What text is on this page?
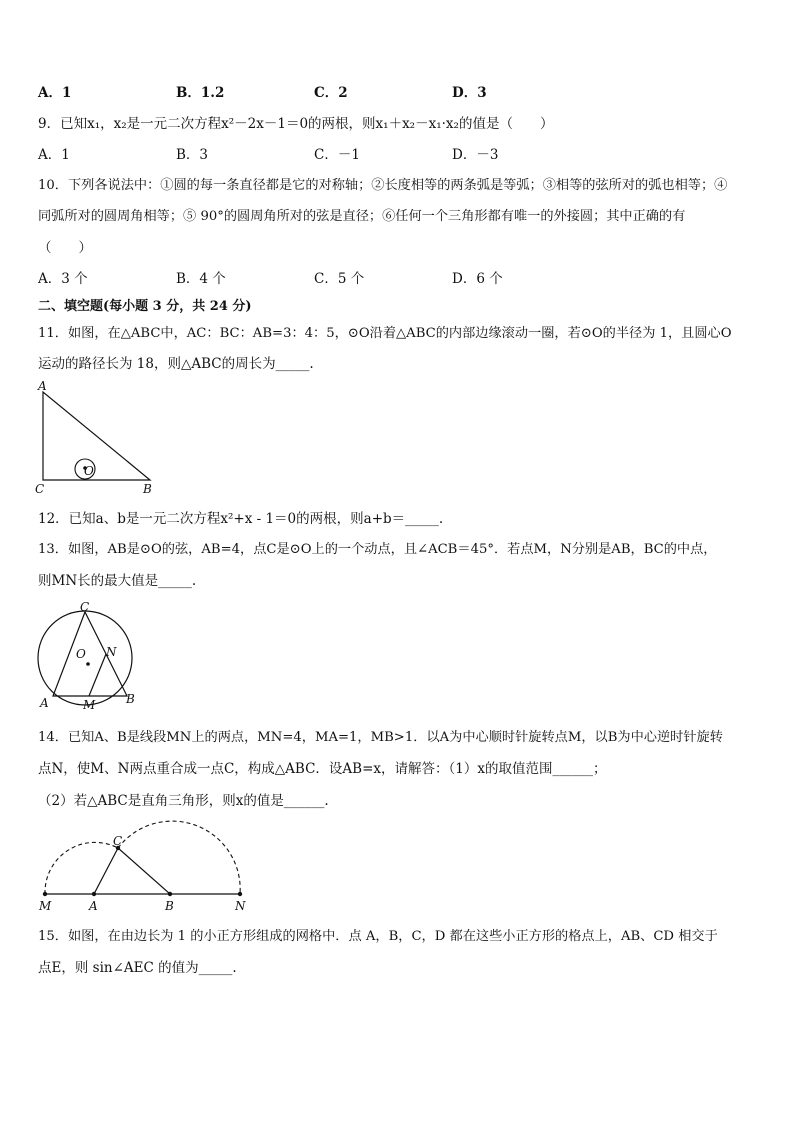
A．1	B．1.2	C．2	D．3
9．已知x₁，x₂是一元二次方程x²－2x－1＝0的两根，则x₁＋x₂－x₁·x₂的值是（　　）
A．1	B．3	C．－1	D．－3
10．下列各说法中：①圆的每一条直径都是它的对称轴；②长度相等的两条弧是等弧；③相等的弦所对的弧也相等；④
同弧所对的圆周角相等；⑤ 90°的圆周角所对的弦是直径；⑥任何一个三角形都有唯一的外接圆；其中正确的有
（　　）
A．3 个	B．4 个	C．5 个	D．6 个
二、填空题(每小题 3 分，共 24 分)
11．如图，在△ABC中，AC：BC：AB=3：4：5，⊙O沿着△ABC的内部边缘滚动一圈，若⊙O的半径为 1，且圆心O
运动的路径长为 18，则△ABC的周长为_____.
A
C	B
O
12．已知a、b是一元二次方程x²+x - 1＝0的两根，则a+b＝_____.
13．如图，AB是⊙O的弦，AB=4，点C是⊙O上的一个动点，且∠ACB＝45°．若点M，N分别是AB，BC的中点，
则MN长的最大值是_____.
C
O N
A	M	B
14．已知A、B是线段MN上的两点，MN=4，MA=1，MB>1．以A为中心顺时针旋转点M，以B为中心逆时针旋转
点N，使M、N两点重合成一点C，构成△ABC．设AB=x，请解答：（1）x的取值范围______；
（2）若△ABC是直角三角形，则x的值是______.
C
M	A	B	N
15．如图，在由边长为 1 的小正方形组成的网格中．点 A，B，C，D 都在这些小正方形的格点上，AB、CD 相交于
点E，则 sin∠AEC 的值为_____.
